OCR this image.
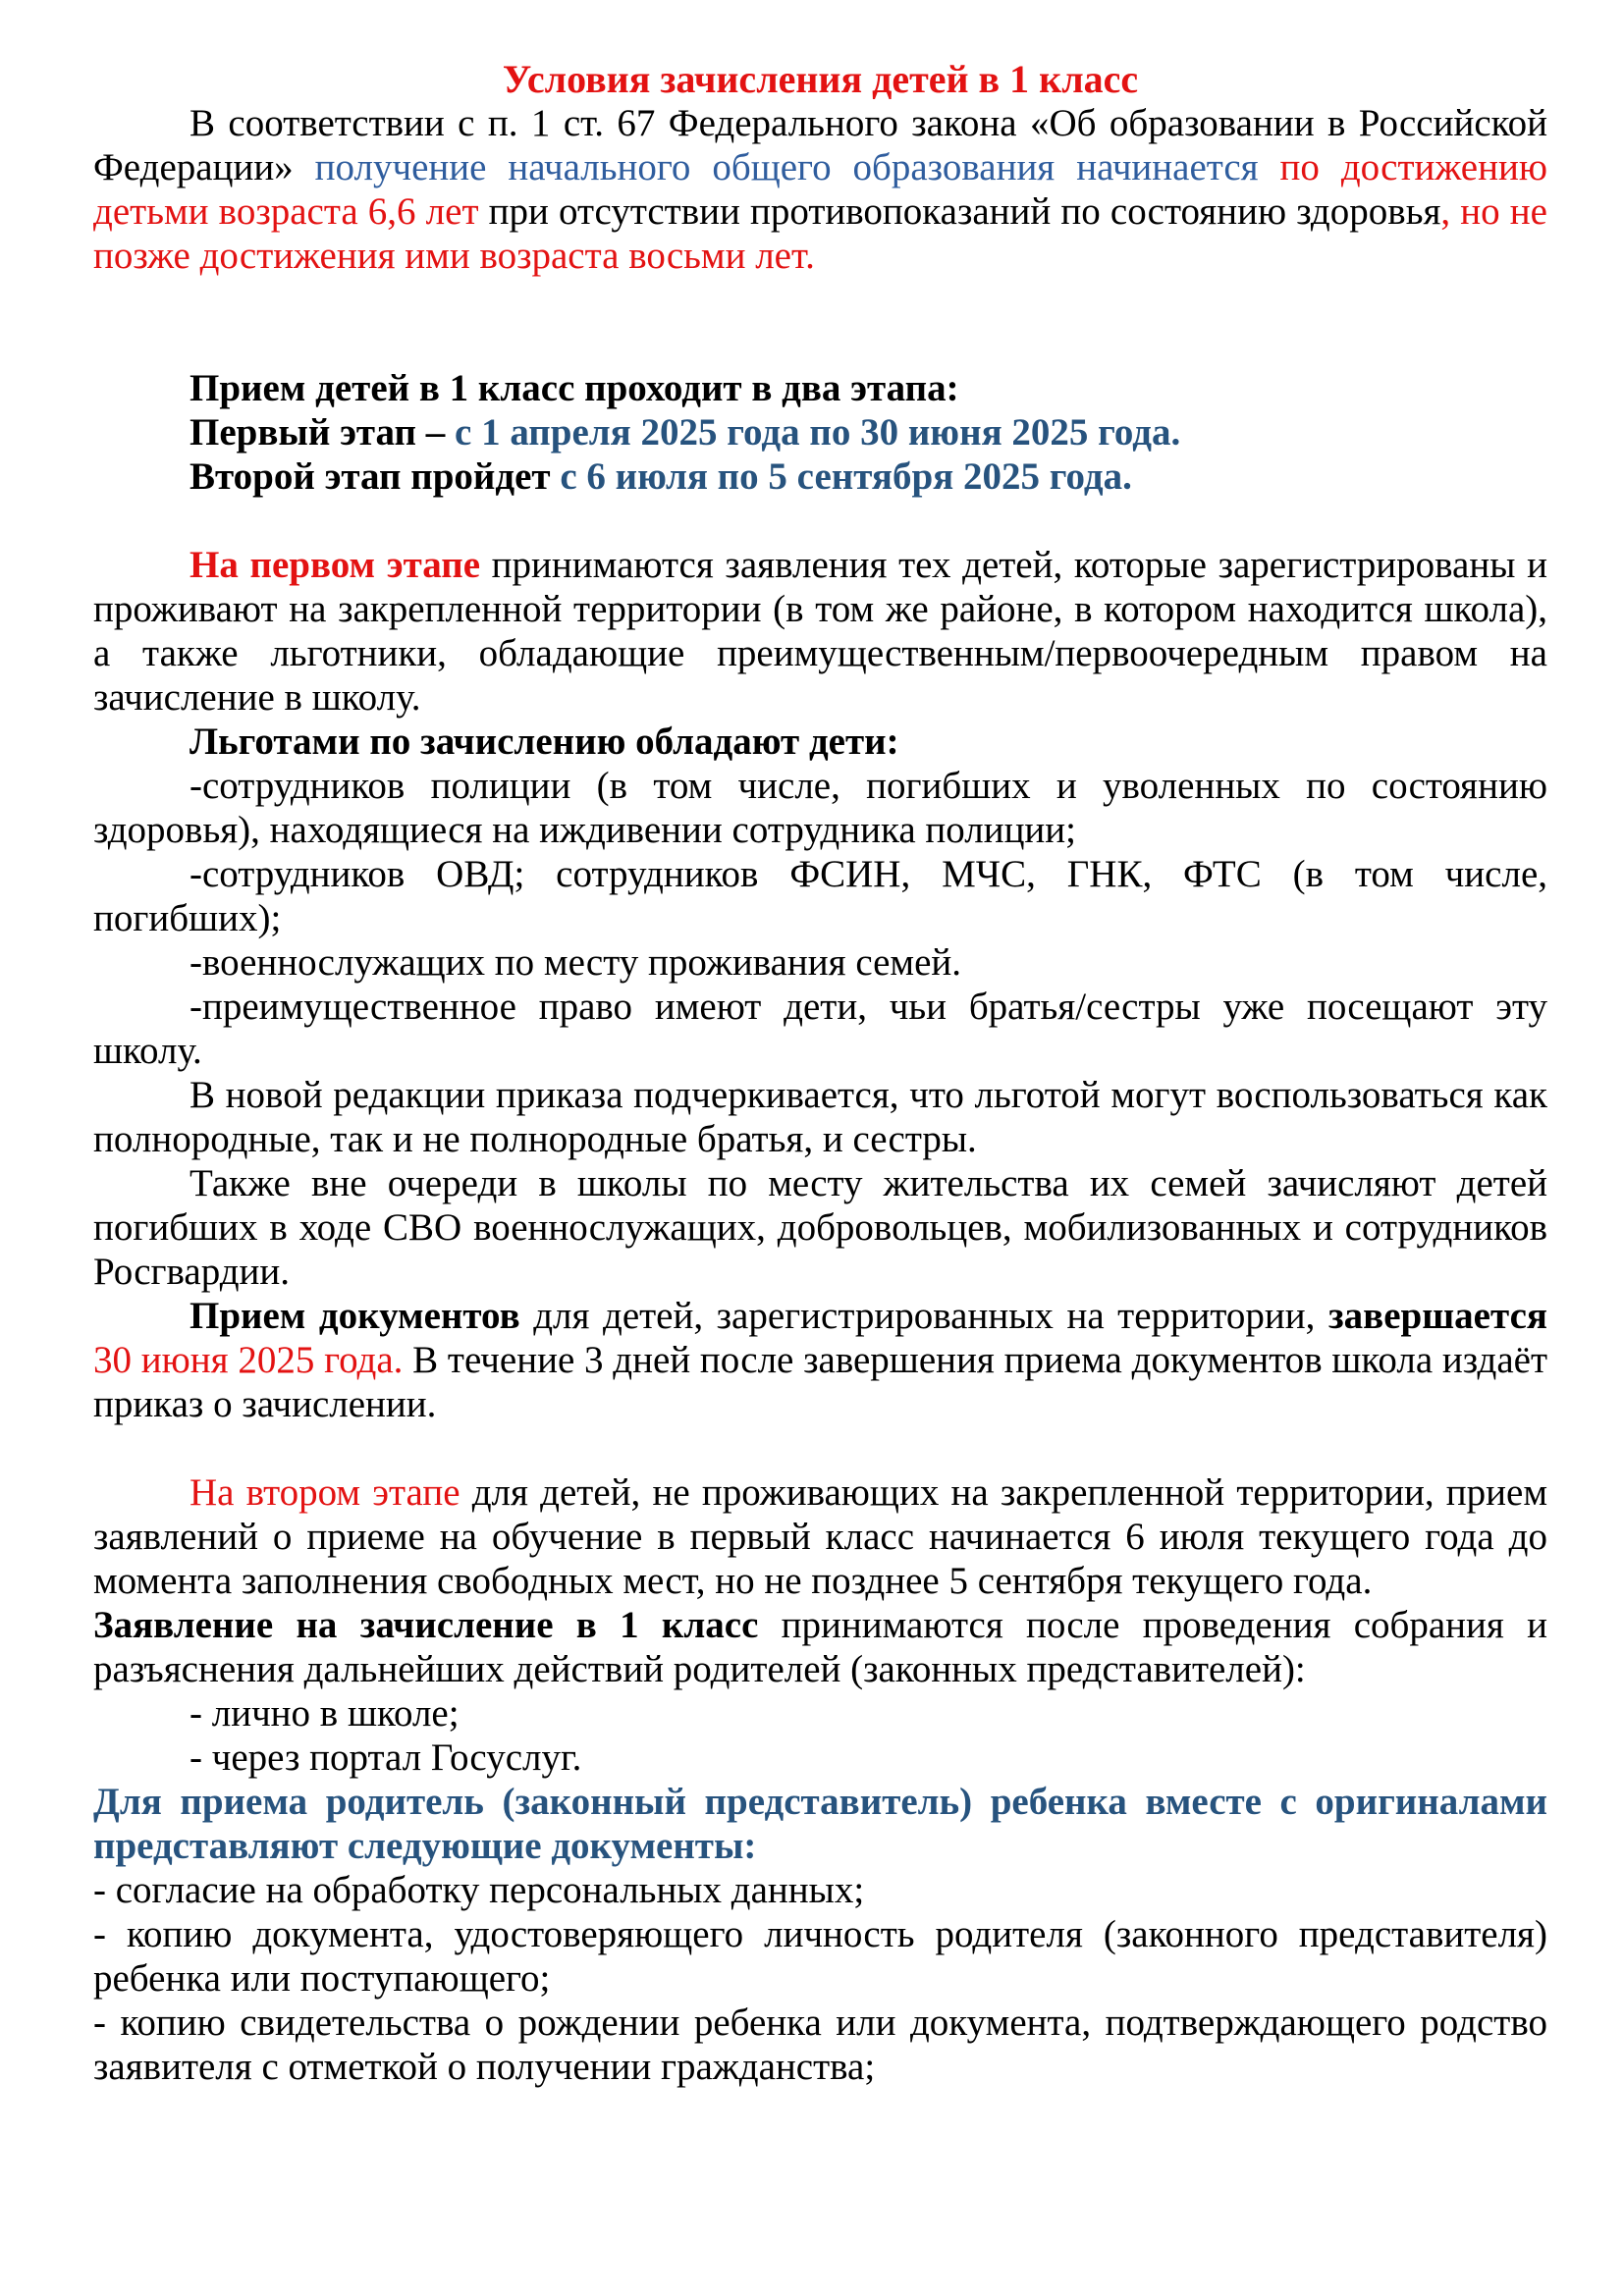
Условия зачисления детей в 1 класс

В соответствии с п. 1 ст. 67 Федерального закона «Об образовании в Российской Федерации» получение начального общего образования начинается по достижению детьми возраста 6,6 лет при отсутствии противопоказаний по состоянию здоровья, но не позже достижения ими возраста восьми лет.

Прием детей в 1 класс проходит в два этапа:

Первый этап – с 1 апреля 2025 года по 30 июня 2025 года.

Второй этап пройдет с 6 июля по 5 сентября 2025 года.

На первом этапе принимаются заявления тех детей, которые зарегистрированы и проживают на закрепленной территории (в том же районе, в котором находится школа), а также льготники, обладающие преимущественным/первоочередным правом на зачисление в школу.

Льготами по зачислению обладают дети:

-сотрудников полиции (в том числе, погибших и уволенных по состоянию здоровья), находящиеся на иждивении сотрудника полиции;

-сотрудников ОВД; сотрудников ФСИН, МЧС, ГНК, ФТС (в том числе, погибших);

-военнослужащих по месту проживания семей.

-преимущественное право имеют дети, чьи братья/сестры уже посещают эту школу.

В новой редакции приказа подчеркивается, что льготой могут воспользоваться как полнородные, так и не полнородные братья, и сестры.

Также вне очереди в школы по месту жительства их семей зачисляют детей погибших в ходе СВО военнослужащих, добровольцев, мобилизованных и сотрудников Росгвардии.

Прием документов для детей, зарегистрированных на территории, завершается 30 июня 2025 года. В течение 3 дней после завершения приема документов школа издаёт приказ о зачислении.

На втором этапе для детей, не проживающих на закрепленной территории, прием заявлений о приеме на обучение в первый класс начинается 6 июля текущего года до момента заполнения свободных мест, но не позднее 5 сентября текущего года.

Заявление на зачисление в 1 класс принимаются после проведения собрания и разъяснения дальнейших действий родителей (законных представителей):

- лично в школе;

- через портал Госуслуг.

Для приема родитель (законный представитель) ребенка вместе с оригиналами представляют следующие документы:

- согласие на обработку персональных данных;

- копию документа, удостоверяющего личность родителя (законного представителя) ребенка или поступающего;

- копию свидетельства о рождении ребенка или документа, подтверждающего родство заявителя с отметкой о получении гражданства;
